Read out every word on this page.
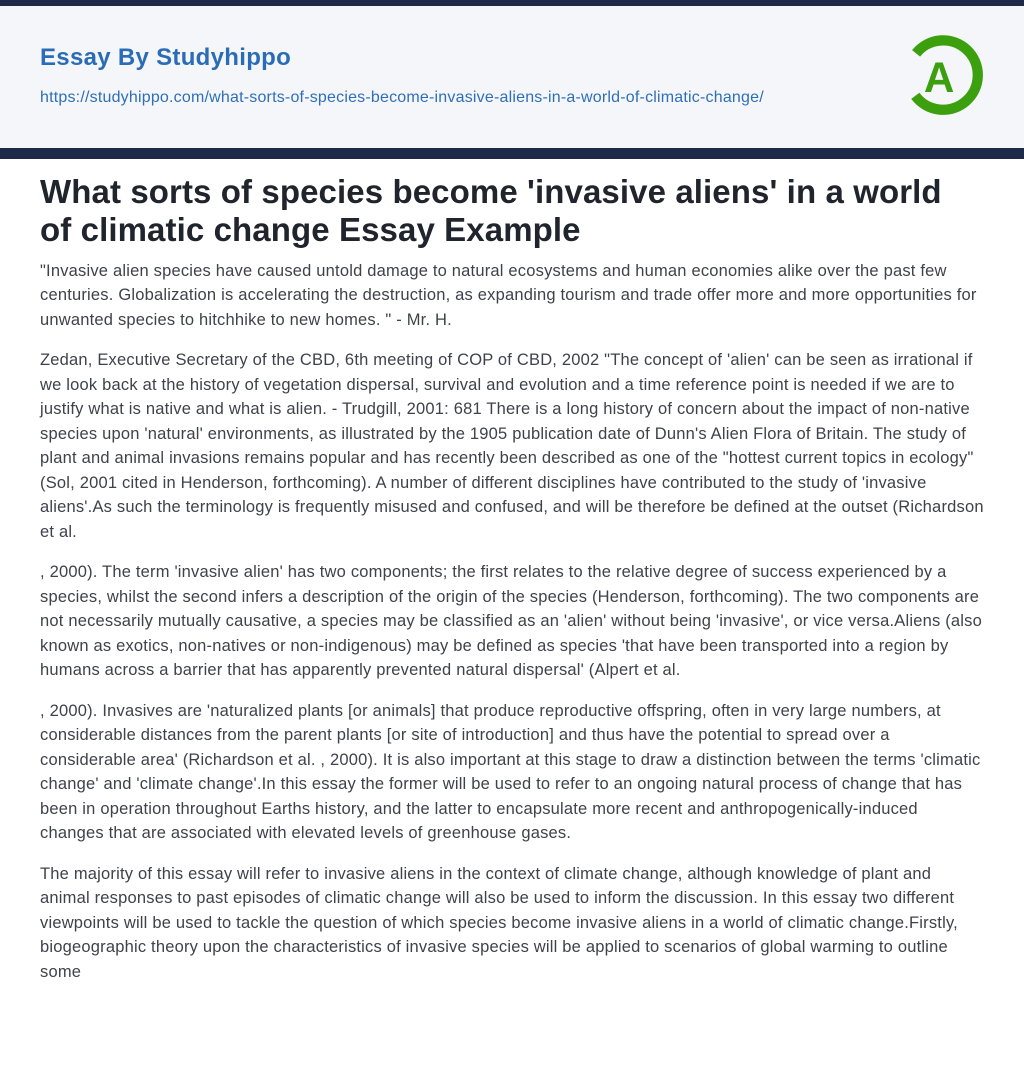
Essay By Studyhippo
https://studyhippo.com/what-sorts-of-species-become-invasive-aliens-in-a-world-of-climatic-change/	A
What sorts of species become 'invasive aliens' in a world of climatic change Essay Example

"Invasive alien species have caused untold damage to natural ecosystems and human economies alike over the past few centuries. Globalization is accelerating the destruction, as expanding tourism and trade offer more and more opportunities for unwanted species to hitchhike to new homes. " - Mr. H.

Zedan, Executive Secretary of the CBD, 6th meeting of COP of CBD, 2002 "The concept of 'alien' can be seen as irrational if we look back at the history of vegetation dispersal, survival and evolution and a time reference point is needed if we are to justify what is native and what is alien. - Trudgill, 2001: 681 There is a long history of concern about the impact of non-native species upon 'natural' environments, as illustrated by the 1905 publication date of Dunn's Alien Flora of Britain. The study of plant and animal invasions remains popular and has recently been described as one of the "hottest current topics in ecology" (Sol, 2001 cited in Henderson, forthcoming). A number of different disciplines have contributed to the study of 'invasive aliens'.As such the terminology is frequently misused and confused, and will be therefore be defined at the outset (Richardson et al.

, 2000). The term 'invasive alien' has two components; the first relates to the relative degree of success experienced by a species, whilst the second infers a description of the origin of the species (Henderson, forthcoming). The two components are not necessarily mutually causative, a species may be classified as an 'alien' without being 'invasive', or vice versa.Aliens (also known as exotics, non-natives or non-indigenous) may be defined as species 'that have been transported into a region by humans across a barrier that has apparently prevented natural dispersal' (Alpert et al.

, 2000). Invasives are 'naturalized plants [or animals] that produce reproductive offspring, often in very large numbers, at considerable distances from the parent plants [or site of introduction] and thus have the potential to spread over a considerable area' (Richardson et al. , 2000). It is also important at this stage to draw a distinction between the terms 'climatic change' and 'climate change'.In this essay the former will be used to refer to an ongoing natural process of change that has been in operation throughout Earths history, and the latter to encapsulate more recent and anthropogenically-induced changes that are associated with elevated levels of greenhouse gases.

The majority of this essay will refer to invasive aliens in the context of climate change, although knowledge of plant and animal responses to past episodes of climatic change will also be used to inform the discussion. In this essay two different viewpoints will be used to tackle the question of which species become invasive aliens in a world of climatic change.Firstly, biogeographic theory upon the characteristics of invasive species will be applied to scenarios of global warming to outline some
